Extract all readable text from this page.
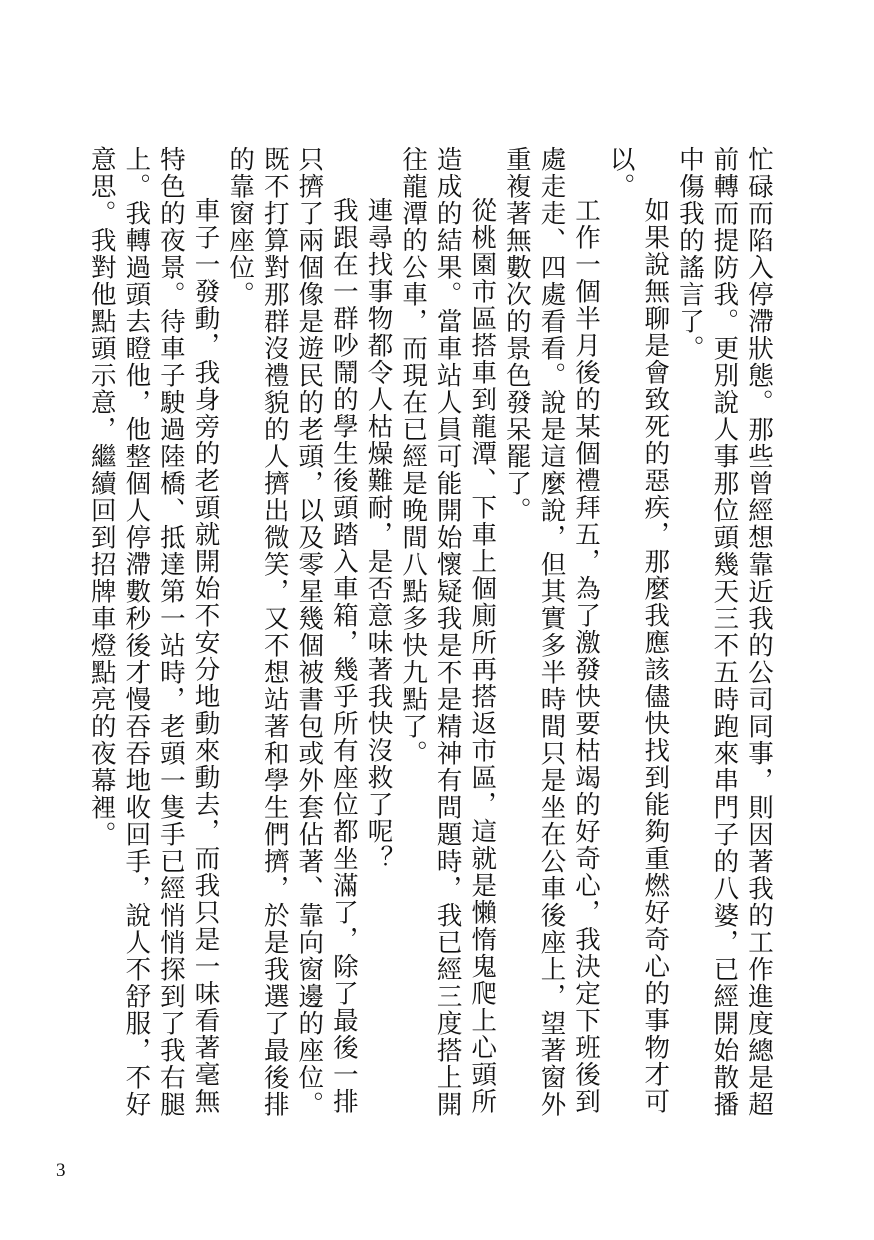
忙碌而陷入停滯狀態。那些曾經想靠近我的公司同事，則因著我的工作進度總是超前轉而提防我。更別說人事那位頭幾天三不五時跑來串門子的八婆，已經開始散播中傷我的謠言了。

如果說無聊是會致死的惡疾，那麼我應該儘快找到能夠重燃好奇心的事物才可以。

工作一個半月後的某個禮拜五，為了激發快要枯竭的好奇心，我決定下班後到處走走、四處看看。說是這麼說，但其實多半時間只是坐在公車後座上，望著窗外重複著無數次的景色發呆罷了。

從桃園市區搭車到龍潭、下車上個廁所再搭返市區，這就是懶惰鬼爬上心頭所造成的結果。當車站人員可能開始懷疑我是不是精神有問題時，我已經三度搭上開往龍潭的公車，而現在已經是晚間八點多快九點了。

連尋找事物都令人枯燥難耐，是否意味著我快沒救了呢？

我跟在一群吵鬧的學生後頭踏入車箱，幾乎所有座位都坐滿了，除了最後一排只擠了兩個像是遊民的老頭，以及零星幾個被書包或外套佔著、靠向窗邊的座位。既不打算對那群沒禮貌的人擠出微笑，又不想站著和學生們擠，於是我選了最後排的靠窗座位。

車子一發動，我身旁的老頭就開始不安分地動來動去，而我只是一味看著毫無特色的夜景。待車子駛過陸橋、抵達第一站時，老頭一隻手已經悄悄探到了我右腿上。我轉過頭去瞪他，他整個人停滯數秒後才慢吞吞地收回手，說人不舒服，不好意思。我對他點頭示意，繼續回到招牌車燈點亮的夜幕裡。

3
